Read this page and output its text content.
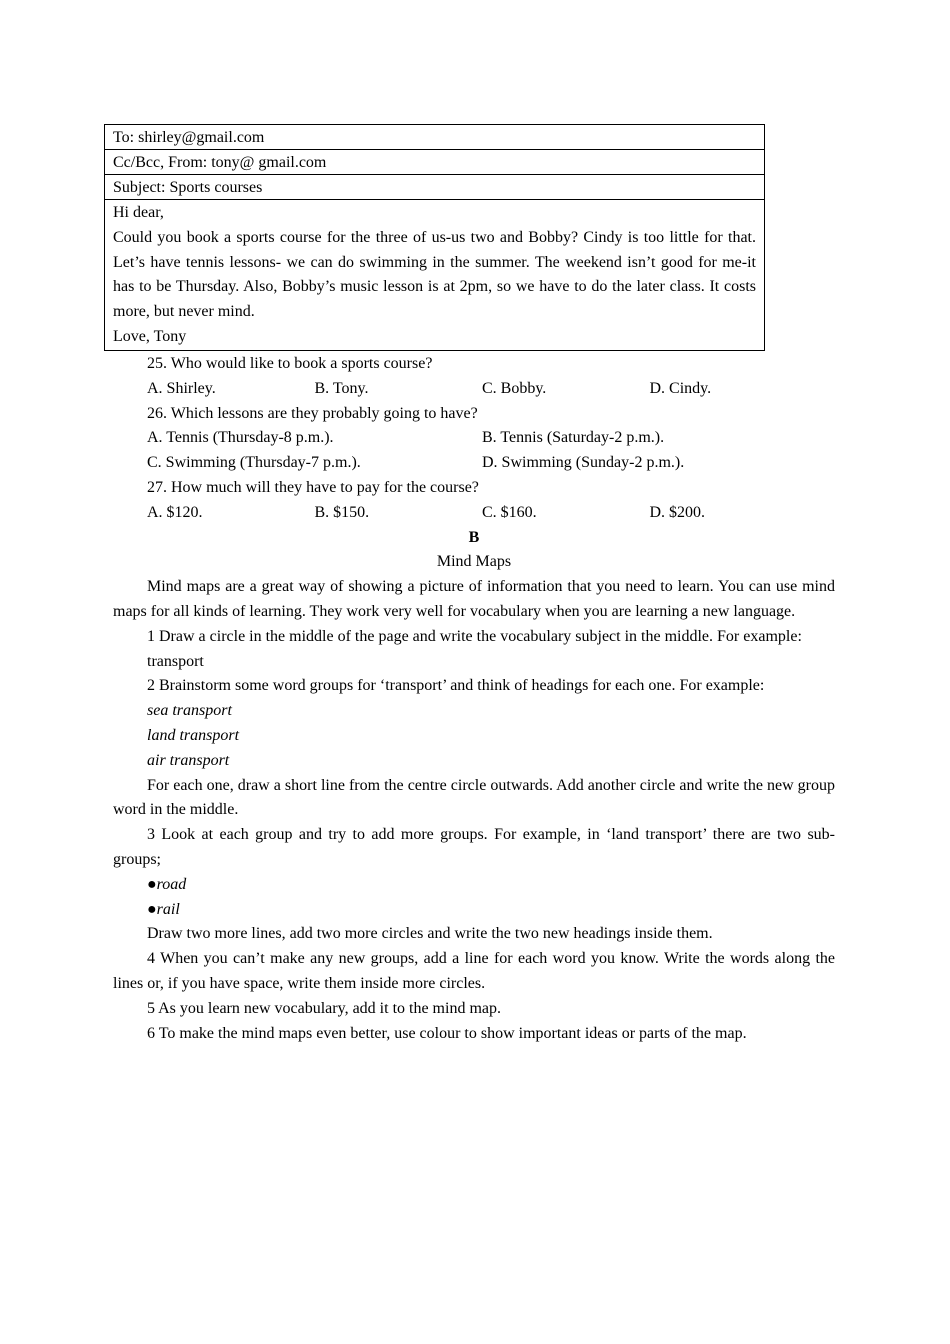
To: shirley@gmail.com
Cc/Bcc, From: tony@ gmail.com
Subject: Sports courses

Hi dear,

Could you book a sports course for the three of us-us two and Bobby? Cindy is too little for that. Let’s have tennis lessons- we can do swimming in the summer. The weekend isn’t good for me-it has to be Thursday. Also, Bobby’s music lesson is at 2pm, so we have to do the later class. It costs more, but never mind.

Love, Tony

25. Who would like to book a sports course?

A. Shirley.	B. Tony.	C. Bobby.	D. Cindy.

26. Which lessons are they probably going to have?

A. Tennis (Thursday-8 p.m.).	B. Tennis (Saturday-2 p.m.).
C. Swimming (Thursday-7 p.m.).	D. Swimming (Sunday-2 p.m.).

27. How much will they have to pay for the course?

A. $120.	B. $150.	C. $160.	D. $200.

B

Mind Maps

Mind maps are a great way of showing a picture of information that you need to learn. You can use mind maps for all kinds of learning. They work very well for vocabulary when you are learning a new language.

1 Draw a circle in the middle of the page and write the vocabulary subject in the middle. For example:

transport

2 Brainstorm some word groups for ‘transport’ and think of headings for each one. For example:

sea transport

land transport

air transport

For each one, draw a short line from the centre circle outwards. Add another circle and write the new group word in the middle.

3 Look at each group and try to add more groups. For example, in ‘land transport’ there are two sub-groups;

●road

●rail

Draw two more lines, add two more circles and write the two new headings inside them.

4 When you can’t make any new groups, add a line for each word you know. Write the words along the lines or, if you have space, write them inside more circles.

5 As you learn new vocabulary, add it to the mind map.

6 To make the mind maps even better, use colour to show important ideas or parts of the map.
